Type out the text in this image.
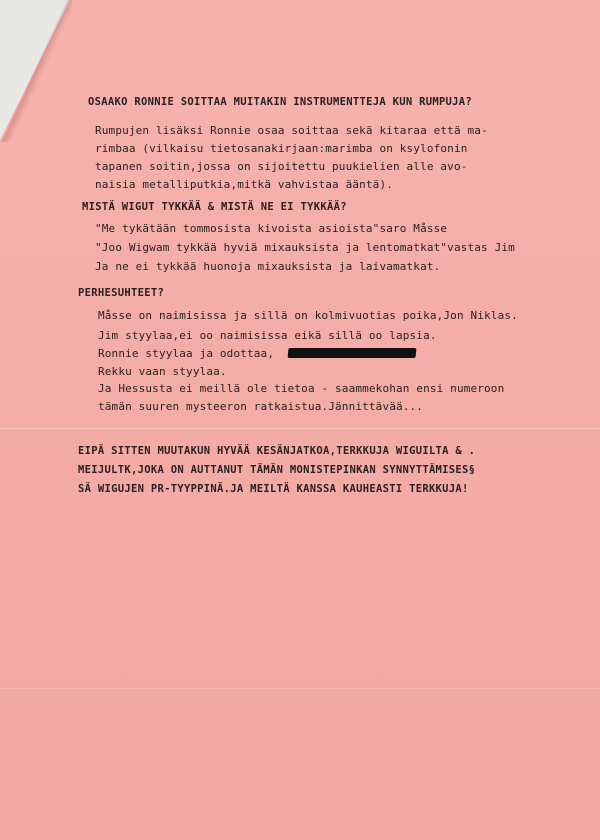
OSAAKO RONNIE SOITTAA MUITAKIN INSTRUMENTTEJA KUN RUMPUJA?
Rumpujen lisäksi Ronnie osaa soittaa sekä kitaraa että ma-
rimbaa (vilkaisu tietosanakirjaan:marimba on ksylofonin
tapanen soitin,jossa on sijoitettu puukielien alle avo-
naisia metalliputkia,mitkä vahvistaa ääntä).
MISTÄ WIGUT TYKKÄÄ & MISTÄ NE EI TYKKÄÄ?
"Me tykätään tommosista kivoista asioista"saro Måsse
"Joo Wigwam tykkää hyviä mixauksista ja lentomatkat"vastas Jim
Ja ne ei tykkää huonoja mixauksista ja laivamatkat.
PERHESUHTEET?
Måsse on naimisissa ja sillä on kolmivuotias poika,Jon Niklas.
Jim styylaa,ei oo naimisissa eikä sillä oo lapsia.
Ronnie styylaa ja odottaa,
Rekku vaan styylaa.
Ja Hessusta ei meillä ole tietoa - saammekohan ensi numeroon
tämän suuren mysteeron ratkaistua.Jännittävää...
EIPÄ SITTEN MUUTAKUN HYVÄÄ KESÄNJATKOA,TERKKUJA WIGUILTA & .
MEIJULTK,JOKA ON AUTTANUT TÄMÄN MONISTEPINKAN SYNNYTTÄMISES§
SÄ WIGUJEN PR-TYYPPINÄ.JA MEILTÄ KANSSA KAUHEASTI TERKKUJA!
